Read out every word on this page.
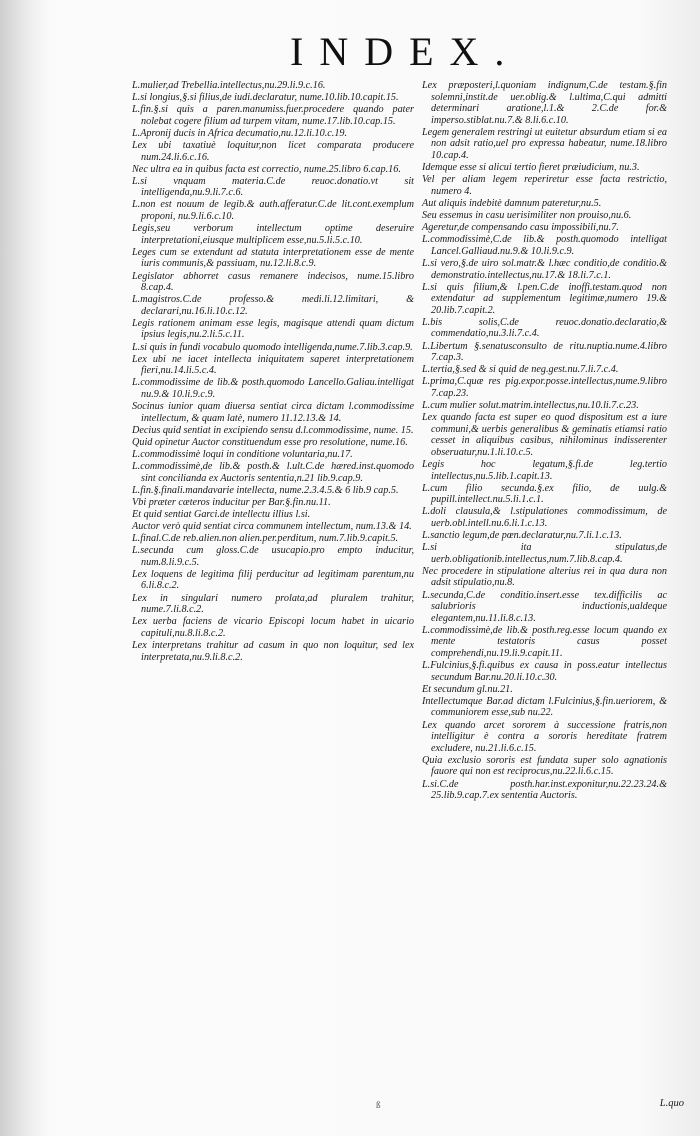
INDEX.

L.mulier,ad Trebellia.intellectus,nu.29.li.9.c.16.

L.si longius,§.si filius,de iudi.declaratur, nume.10.lib.10.capit.15.

L.fin.§.si quis a paren.manumiss.fuer.procedere quando pater nolebat cogere filium ad turpem vitam, nume.17.lib.10.cap.15.

L.Apronij ducis in Africa decumatio,nu.12.li.10.c.19.

Lex ubi taxatiuè loquitur,non licet comparata producere num.24.li.6.c.16.

Nec ultra ea in quibus facta est correctio, nume.25.libro 6.cap.16.

L.si vnquam materia.C.de reuoc.donatio.vt sit intelligenda,nu.9.li.7.c.6.

L.non est nouum de legib.& auth.afferatur.C.de lit.cont.exemplum proponi, nu.9.li.6.c.10.

Legis,seu verborum intellectum optime deseruire interpretationi,eiusque multiplicem esse,nu.5.li.5.c.10.

Leges cum se extendunt ad statuta interpretationem esse de mente iuris communis,& passiuam, nu.12.li.8.c.9.

Legislator abhorret casus remanere indecisos, nume.15.libro 8.cap.4.

L.magistros.C.de professo.& medi.li.12.limitari, & declarari,nu.16.li.10.c.12.

Legis rationem animam esse legis, magisque attendi quam dictum ipsius legis,nu.2.li.5.c.11.

L.si quis in fundi vocabulo quomodo intelligenda,nume.7.lib.3.cap.9.

Lex ubi ne iacet intellecta iniquitatem saperet interpretationem fieri,nu.14.li.5.c.4.

L.commodissime de lib.& posth.quomodo Lancello.Galiau.intelligat nu.9.& 10.li.9.c.9.

Socinus iunior quam diuersa sentiat circa dictam l.commodissime intellectum, & quam latè, numero 11.12.13.& 14.

Decius quid sentiat in excipiendo sensu d.l.commodissime, nume. 15.

Quid opinetur Auctor constituendum esse pro resolutione, nume.16.

L.commodissimè loqui in conditione voluntaria,nu.17.

L.commodissimè,de lib.& posth.& l.ult.C.de hæred.inst.quomodo sint concilianda ex Auctoris sententia,n.21 lib.9.cap.9.

L.fin.§.finali.mandavarie intellecta, nume.2.3.4.5.& 6 lib.9 cap.5.

Vbi præter cæteros inducitur per Bar.§.fin.nu.11.

Et quid sentiat Garci.de intellectu illius l.si.

Auctor verò quid sentiat circa communem intellectum, num.13.& 14.

L.final.C.de reb.alien.non alien.per.perditum, num.7.lib.9.capit.5.

L.secunda cum gloss.C.de usucapio.pro empto inducitur, num.8.li.9.c.5.

Lex loquens de legitima filij perducitur ad legitimam parentum,nu 6.li.8.c.2.

Lex in singulari numero prolata,ad pluralem trahitur, nume.7.li.8.c.2.

Lex uerba faciens de vicario Episcopi locum habet in uicario capituli,nu.8.li.8.c.2.

Lex interpretans trahitur ad casum in quo non loquitur, sed lex interpretata,nu.9.li.8.c.2.

Lex præposteri,l.quoniam indignum,C.de testam.§.fin solemni,instit.de uer.oblig.& l.ultima,C.qui admitti determinari aratione,l.1.& 2.C.de for.& imperso.stiblat.nu.7.& 8.li.6.c.10.

Legem generalem restringi ut euitetur absurdum etiam si ea non adsit ratio,uel pro expressa habeatur, nume.18.libro 10.cap.4.

Idemque esse si alicui tertio fieret præiudicium, nu.3.

Vel per aliam legem reperiretur esse facta restrictio, numero 4.

Aut aliquis indebitè damnum pateretur,nu.5.

Seu essemus in casu uerisimiliter non prouiso,nu.6.

Ageretur,de compensando casu impossibili,nu.7.

L.commodissimè,C.de lib.& posth.quomodo intelligat Lancel.Galliaud.nu.9.& 10.li.9.c.9.

L.si vero,§.de uiro sol.matr.& l.hæc conditio,de conditio.& demonstratio.intellectus,nu.17.& 18.li.7.c.1.

L.si quis filium,& l.pen.C.de inoffi.testam.quod non extendatur ad supplementum legitimæ,numero 19.& 20.lib.7.capit.2.

L.bis solis,C.de reuoc.donatio.declaratio,& commendatio,nu.3.li.7.c.4.

L.Libertum §.senatusconsulto de ritu.nuptia.nume.4.libro 7.cap.3.

L.tertia,§.sed & si quid de neg.gest.nu.7.li.7.c.4.

L.prima,C.quæ res pig.expor.posse.intellectus,nume.9.libro 7.cap.23.

L.cum mulier solut.matrim.intellectus,nu.10.li.7.c.23.

Lex quando facta est super eo quod dispositum est a iure communi,& uerbis generalibus & geminatis etiamsi ratio cesset in aliquibus casibus, nihilominus indisserenter obseruatur,nu.1.li.10.c.5.

Legis hoc legatum,§.fi.de leg.tertio intellectus,nu.5.lib.1.capit.13.

L.cum filio secunda.§.ex filio, de uulg.& pupill.intellect.nu.5.li.1.c.1.

L.doli clausula,& l.stipulationes commodissimum, de uerb.obl.intell.nu.6.li.1.c.13.

L.sanctio legum,de pœn.declaratur,nu.7.li.1.c.13.

L.si ita stipulatus,de uerb.obligationib.intellectus,num.7.lib.8.cap.4.

Nec procedere in stipulatione alterius rei in qua dura non adsit stipulatio,nu.8.

L.secunda,C.de conditio.insert.esse tex.difficilis ac salubrioris inductionis,ualdeque elegantem,nu.11.li.8.c.13.

L.commodissimè,de lib.& posth.reg.esse locum quando ex mente testatoris casus posset comprehendi,nu.19.li.9.capit.11.

L.Fulcinius,§.fi.quibus ex causa in poss.eatur intellectus secundum Bar.nu.20.li.10.c.30.

Et secundum gl.nu.21.

Intellectumque Bar.ad dictam l.Fulcinius,§.fin.ueriorem, & communiorem esse,sub nu.22.

Lex quando arcet sororem à successione fratris,non intelligitur è contra a sororis hereditate fratrem excludere, nu.21.li.6.c.15.

Quia exclusio sororis est fundata super solo agnationis fauore qui non est reciprocus,nu.22.li.6.c.15.

L.si.C.de posth.har.inst.exponitur,nu.22.23.24.& 25.lib.9.cap.7.ex sententia Auctoris.

ß	L.quo
